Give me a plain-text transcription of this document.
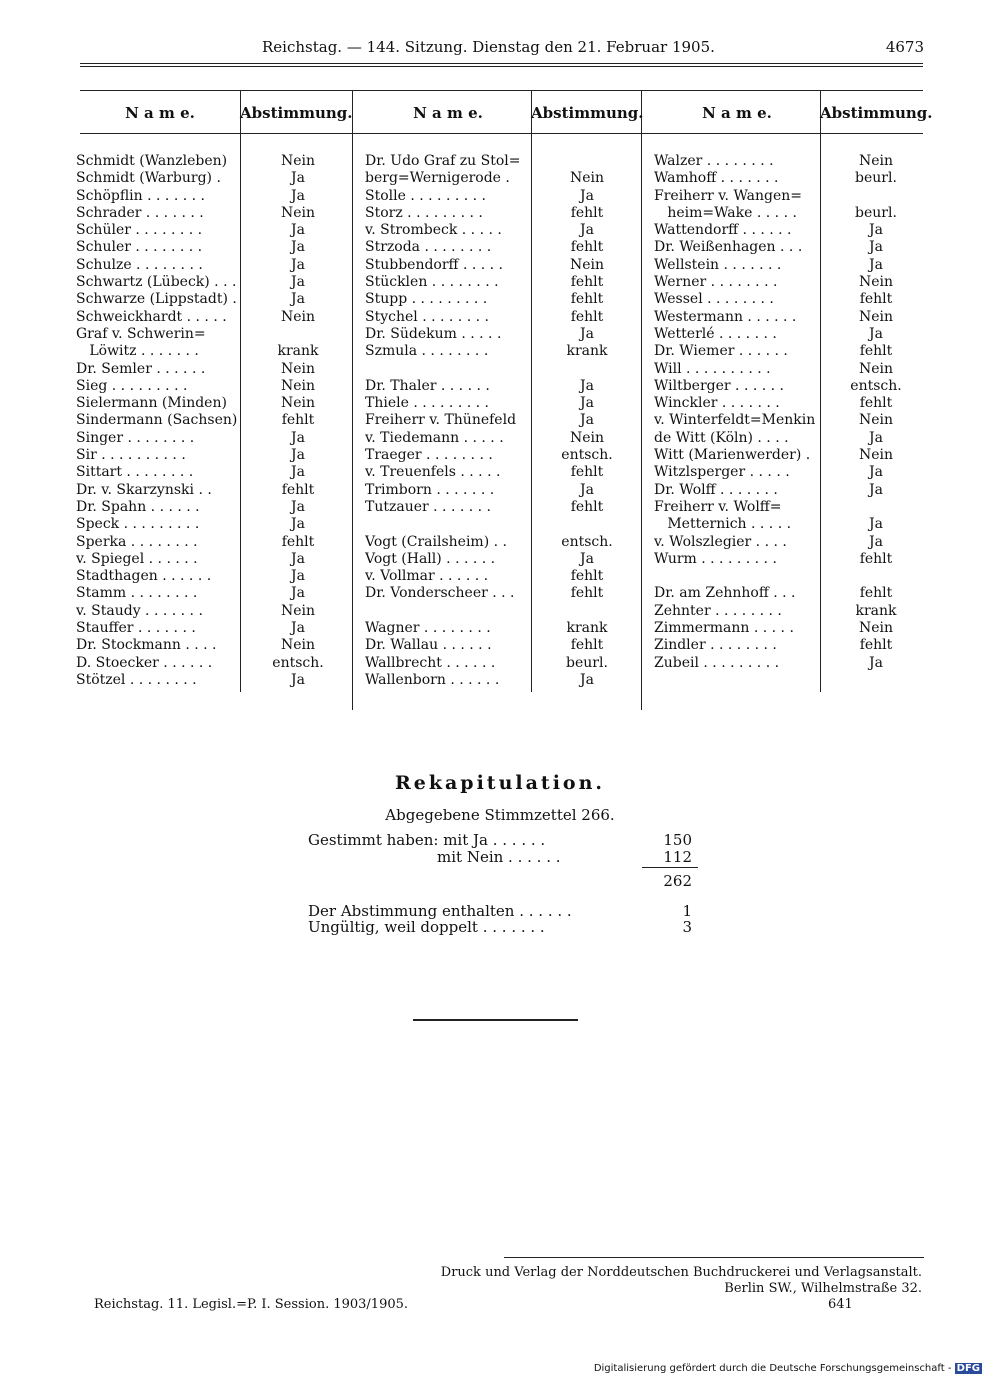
Reichstag. — 144. Sitzung. Dienstag den 21. Februar 1905.	4673
N a m e.	Abstimmung.	N a m e.	Abstimmung.	N a m e.	Abstimmung.
Schmidt (Wanzleben)	Nein
Schmidt (Warburg) .	Ja
Schöpflin . . . . . . .	Ja
Schrader . . . . . . .	Nein
Schüler . . . . . . . .	Ja
Schuler . . . . . . . .	Ja
Schulze . . . . . . . .	Ja
Schwartz (Lübeck) . . .	Ja
Schwarze (Lippstadt) .	Ja
Schweickhardt . . . . .	Nein
Graf v. Schwerin=
Löwitz . . . . . . .	krank
Dr. Semler . . . . . .	Nein
Sieg . . . . . . . . .	Nein
Sielermann (Minden)	Nein
Sindermann (Sachsen)	fehlt
Singer . . . . . . . .	Ja
Sir . . . . . . . . . .	Ja
Sittart . . . . . . . .	Ja
Dr. v. Skarzynski . .	fehlt
Dr. Spahn . . . . . .	Ja
Speck . . . . . . . . .	Ja
Sperka . . . . . . . .	fehlt
v. Spiegel . . . . . .	Ja
Stadthagen . . . . . .	Ja
Stamm . . . . . . . .	Ja
v. Staudy . . . . . . .	Nein
Stauffer . . . . . . .	Ja
Dr. Stockmann . . . .	Nein
D. Stoecker . . . . . .	entsch.
Stötzel . . . . . . . .	Ja
Dr. Udo Graf zu Stol=
berg=Wernigerode .	Nein
Stolle . . . . . . . . .	Ja
Storz . . . . . . . . .	fehlt
v. Strombeck . . . . .	Ja
Strzoda . . . . . . . .	fehlt
Stubbendorff . . . . .	Nein
Stücklen . . . . . . . .	fehlt
Stupp . . . . . . . . .	fehlt
Stychel . . . . . . . .	fehlt
Dr. Südekum . . . . .	Ja
Szmula . . . . . . . .	krank
Dr. Thaler . . . . . .	Ja
Thiele . . . . . . . . .	Ja
Freiherr v. Thünefeld	Ja
v. Tiedemann . . . . .	Nein
Traeger . . . . . . . .	entsch.
v. Treuenfels . . . . .	fehlt
Trimborn . . . . . . .	Ja
Tutzauer . . . . . . .	fehlt
Vogt (Crailsheim) . .	entsch.
Vogt (Hall) . . . . . .	Ja
v. Vollmar . . . . . .	fehlt
Dr. Vonderscheer . . .	fehlt
Wagner . . . . . . . .	krank
Dr. Wallau . . . . . .	fehlt
Wallbrecht . . . . . .	beurl.
Wallenborn . . . . . .	Ja
Walzer . . . . . . . .	Nein
Wamhoff . . . . . . .	beurl.
Freiherr v. Wangen=
heim=Wake . . . . .	beurl.
Wattendorff . . . . . .	Ja
Dr. Weißenhagen . . .	Ja
Wellstein . . . . . . .	Ja
Werner . . . . . . . .	Nein
Wessel . . . . . . . .	fehlt
Westermann . . . . . .	Nein
Wetterlé . . . . . . .	Ja
Dr. Wiemer . . . . . .	fehlt
Will . . . . . . . . . .	Nein
Wiltberger . . . . . .	entsch.
Winckler . . . . . . .	fehlt
v. Winterfeldt=Menkin	Nein
de Witt (Köln) . . . .	Ja
Witt (Marienwerder) .	Nein
Witzlsperger . . . . .	Ja
Dr. Wolff . . . . . . .	Ja
Freiherr v. Wolff=
Metternich . . . . .	Ja
v. Wolszlegier . . . .	Ja
Wurm . . . . . . . . .	fehlt
Dr. am Zehnhoff . . .	fehlt
Zehnter . . . . . . . .	krank
Zimmermann . . . . .	Nein
Zindler . . . . . . . .	fehlt
Zubeil . . . . . . . . .	Ja
Rekapitulation.
Abgegebene Stimmzettel 266.
Gestimmt haben: mit Ja . . . . . .	150
mit Nein . . . . . .	112
262
Der Abstimmung enthalten . . . . . .	1
Ungültig, weil doppelt . . . . . . .	3
Druck und Verlag der Norddeutschen Buchdruckerei und Verlagsanstalt.
Berlin SW., Wilhelmstraße 32.
Reichstag. 11. Legisl.=P. I. Session. 1903/1905.	641
Digitalisierung gefördert durch die Deutsche Forschungsgemeinschaft - DFG
